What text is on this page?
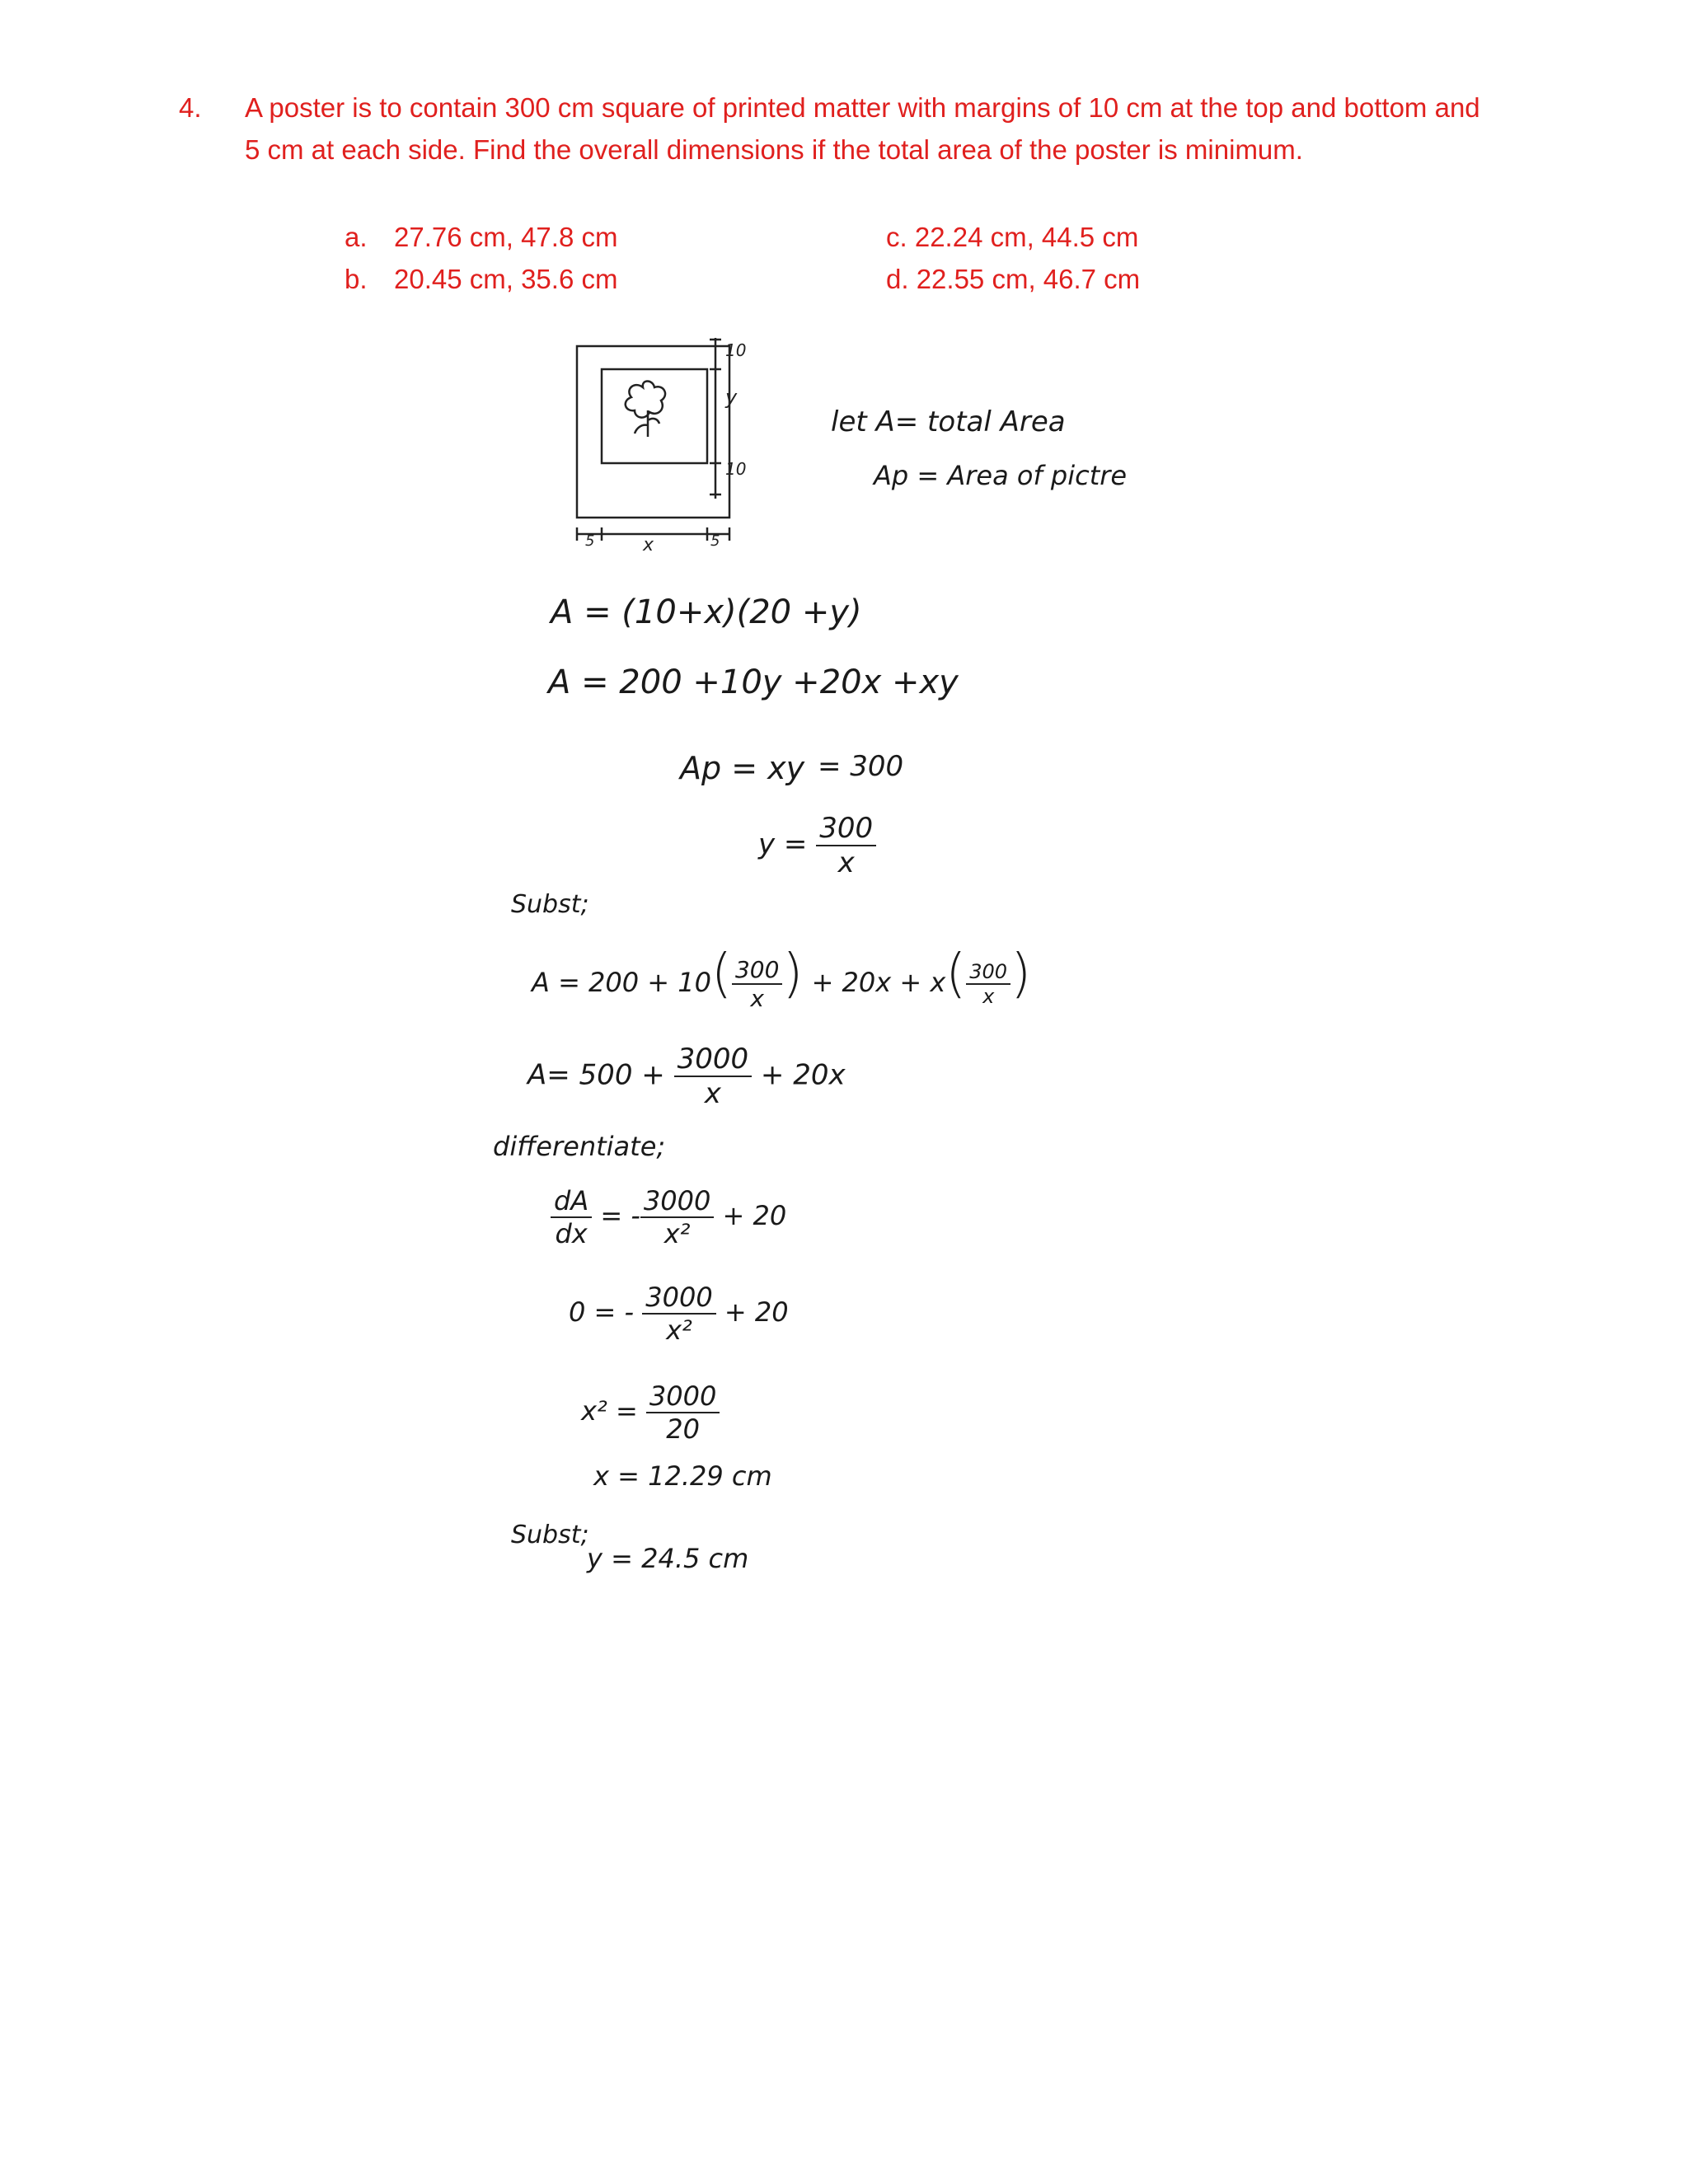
4. A poster is to contain 300 cm square of printed matter with margins of 10 cm at the top and bottom and 5 cm at each side. Find the overall dimensions if the total area of the poster is minimum.
a. 27.76 cm, 47.8 cm
b. 20.45 cm, 35.6 cm
c. 22.24 cm, 44.5 cm
d. 22.55 cm, 46.7 cm
10
y
10
5	x	5
let A= total Area
Ap = Area of pictre
A = (10+x)(20 +y)
A = 200 +10y +20x +xy
Ap = xy = 300
$y = \frac{300}{x}$
Subst;
$A = 200 + 10( \frac{300}{x}$ ) + $20x + x( \frac{300}{x}$ )
$A= 500 + \frac{3000}{x} + 20x$
differentiate;
$\frac{dA}{dx}$ = - $\frac{3000}{\text{x²}} + 20$
0 = - $\frac{3000}{\text{x²}} + 20$
$x^2 = \frac{3000}{20}$
x = 12.29 cm
Subst;
y = 24.5 cm
